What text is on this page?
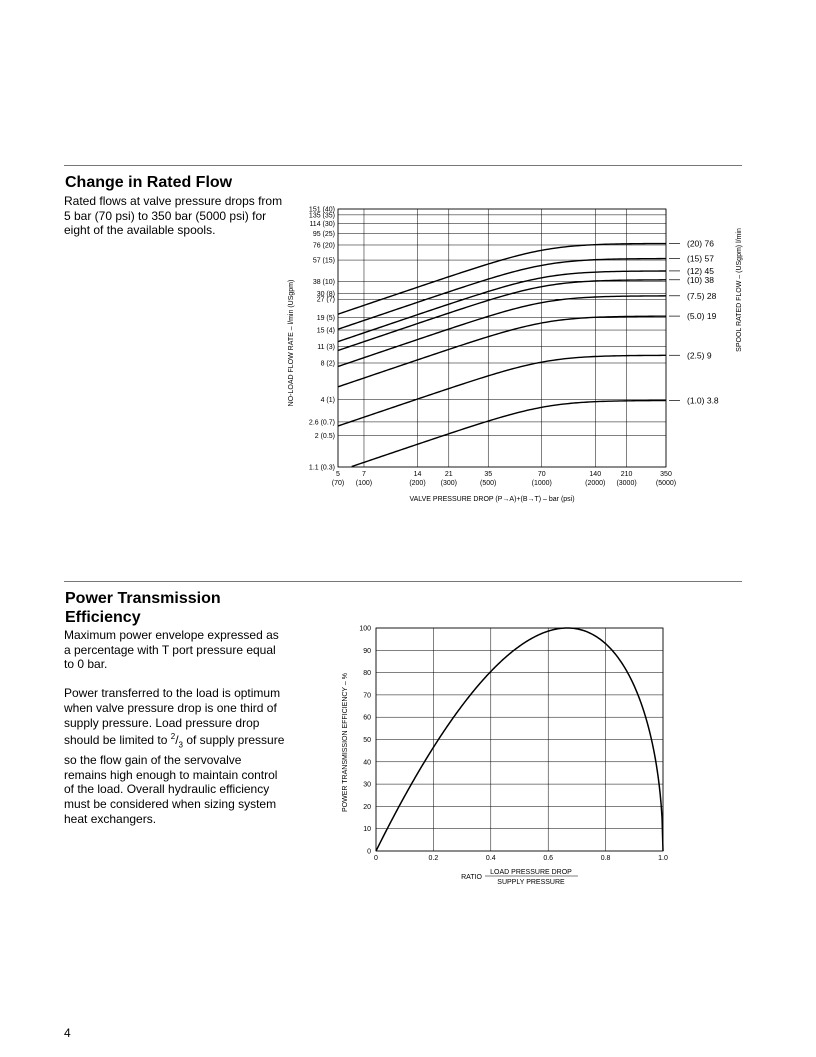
Change in Rated Flow

Rated flows at valve pressure drops from 5 bar (70 psi) to 350 bar (5000 psi) for eight of the available spools.

Power Transmission
Efficiency

Maximum power envelope expressed as a percentage with T port pressure equal to 0 bar.

Power transferred to the load is optimum when valve pressure drop is one third of supply pressure. Load pressure drop should be limited to $^2/_3$ of supply pressure so the flow gain of the servovalve remains high enough to maintain control of the load. Overall hydraulic efficiency must be considered when sizing system heat exchangers.

151 (40)
135 (35)
114 (30)
95 (25)
76 (20)
57 (15)
38 (10)
30 (8)
27 (7)
19 (5)
15 (4)
11 (3)
8 (2)
4 (1)
2.6 (0.7)
2 (0.5)
1.1 (0.3)
5
(70)
7
(100)
14
(200)
21
(300)
35
(500)
70
(1000)
140
(2000)
210
(3000)
350
(5000)
VALVE PRESSURE DROP (P→A)+(B→T) – bar (psi)
NO-LOAD FLOW RATE – l/min (USgpm)	SPOOL RATED FLOW – (USgpm) l/min
(20) 76
(15) 57
(12) 45
(10) 38
(7.5) 28
(5.0) 19
(2.5) 9
(1.0) 3.8
0
10
20
30
40
50
60
70
80
90
100
0	0.2	0.4	0.6	0.8	1.0
POWER TRANSMISSION EFFICIENCY – %
RATIO
LOAD PRESSURE DROP
SUPPLY PRESSURE
4
